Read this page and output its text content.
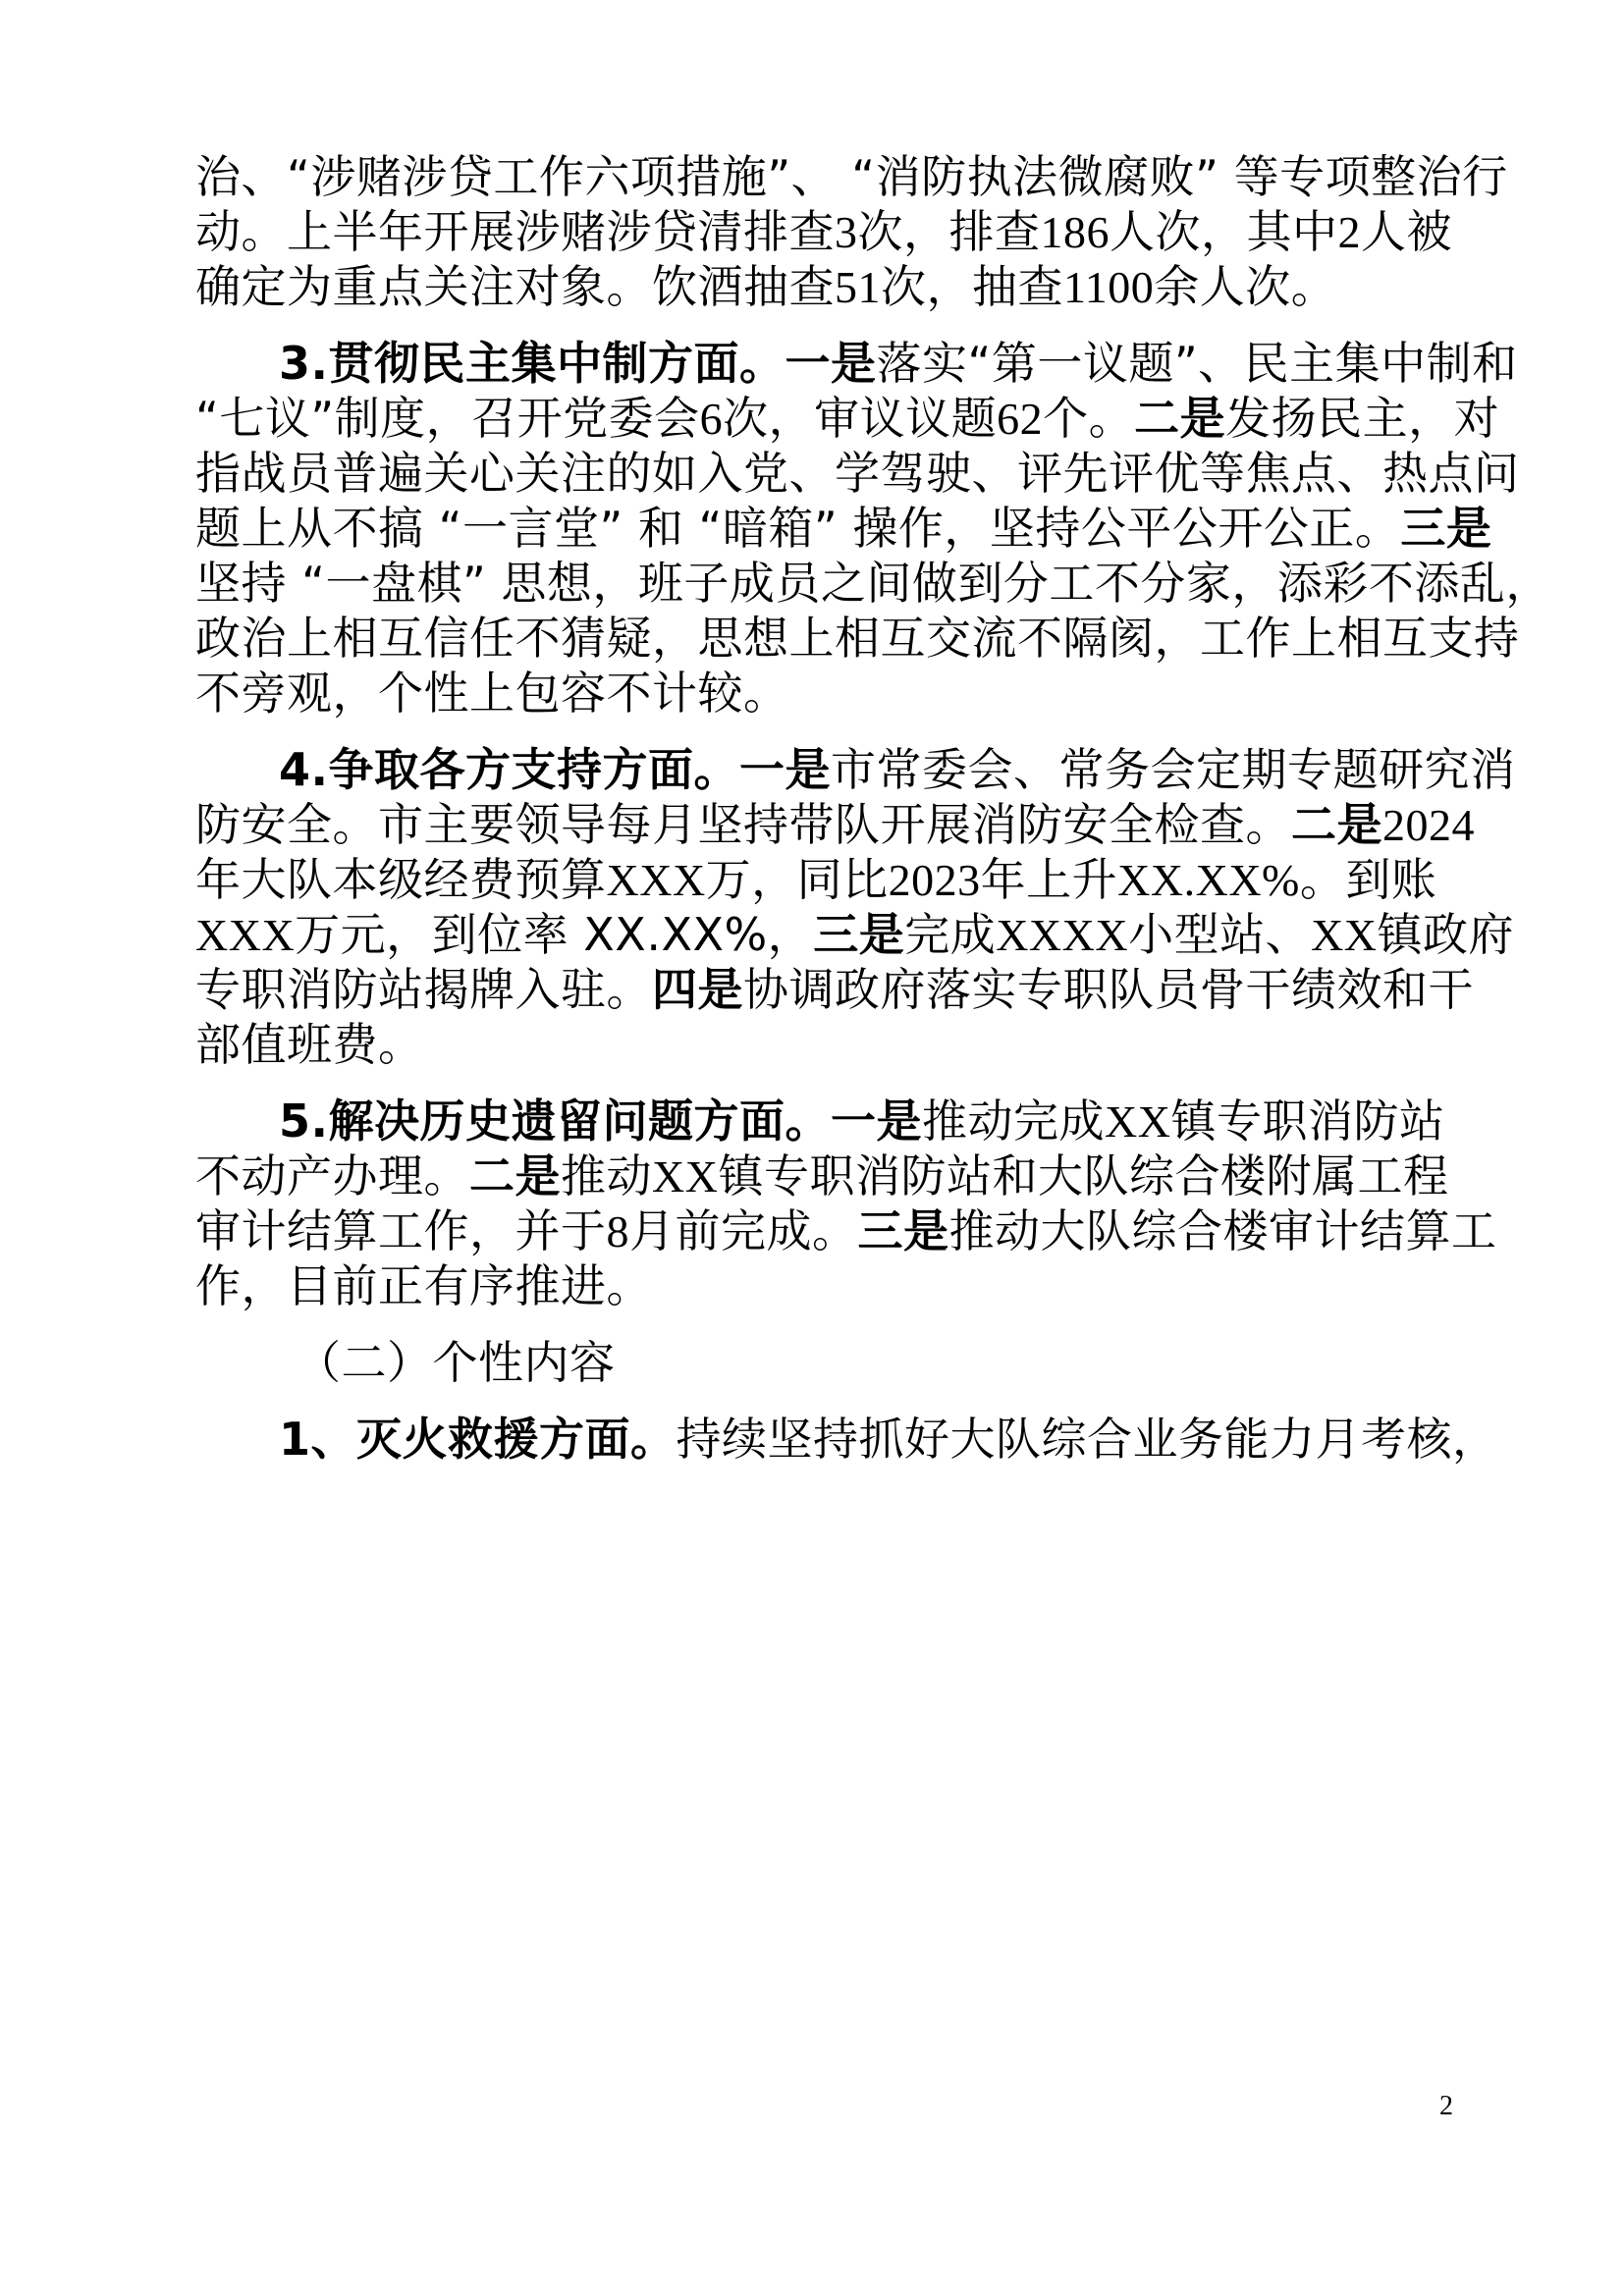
治、“涉赌涉贷工作六项措施”、 “消防执法微腐败” 等专项整治行
动。上半年开展涉赌涉贷清排查3次，排查186人次，其中2人被
确定为重点关注对象。饮酒抽查51次，抽查1100余人次。
3.贯彻民主集中制方面。一是落实“第一议题”、民主集中制和
“七议”制度，召开党委会6次，审议议题62个。二是发扬民主，对
指战员普遍关心关注的如入党、学驾驶、评先评优等焦点、热点问
题上从不搞 “一言堂” 和 “暗箱” 操作，坚持公平公开公正。三是
坚持 “一盘棋” 思想，班子成员之间做到分工不分家，添彩不添乱，
政治上相互信任不猜疑，思想上相互交流不隔阂，工作上相互支持
不旁观，个性上包容不计较。
4.争取各方支持方面。一是市常委会、常务会定期专题研究消
防安全。市主要领导每月坚持带队开展消防安全检查。二是2024
年大队本级经费预算XXX万，同比2023年上升XX.XX%。到账
XXX万元，到位率 XX.XX%，三是完成XXXX小型站、XX镇政府
专职消防站揭牌入驻。四是协调政府落实专职队员骨干绩效和干
部值班费。
5.解决历史遗留问题方面。一是推动完成XX镇专职消防站
不动产办理。二是推动XX镇专职消防站和大队综合楼附属工程
审计结算工作，并于8月前完成。三是推动大队综合楼审计结算工
作，目前正有序推进。
（二）个性内容
1、灭火救援方面。持续坚持抓好大队综合业务能力月考核，
2
